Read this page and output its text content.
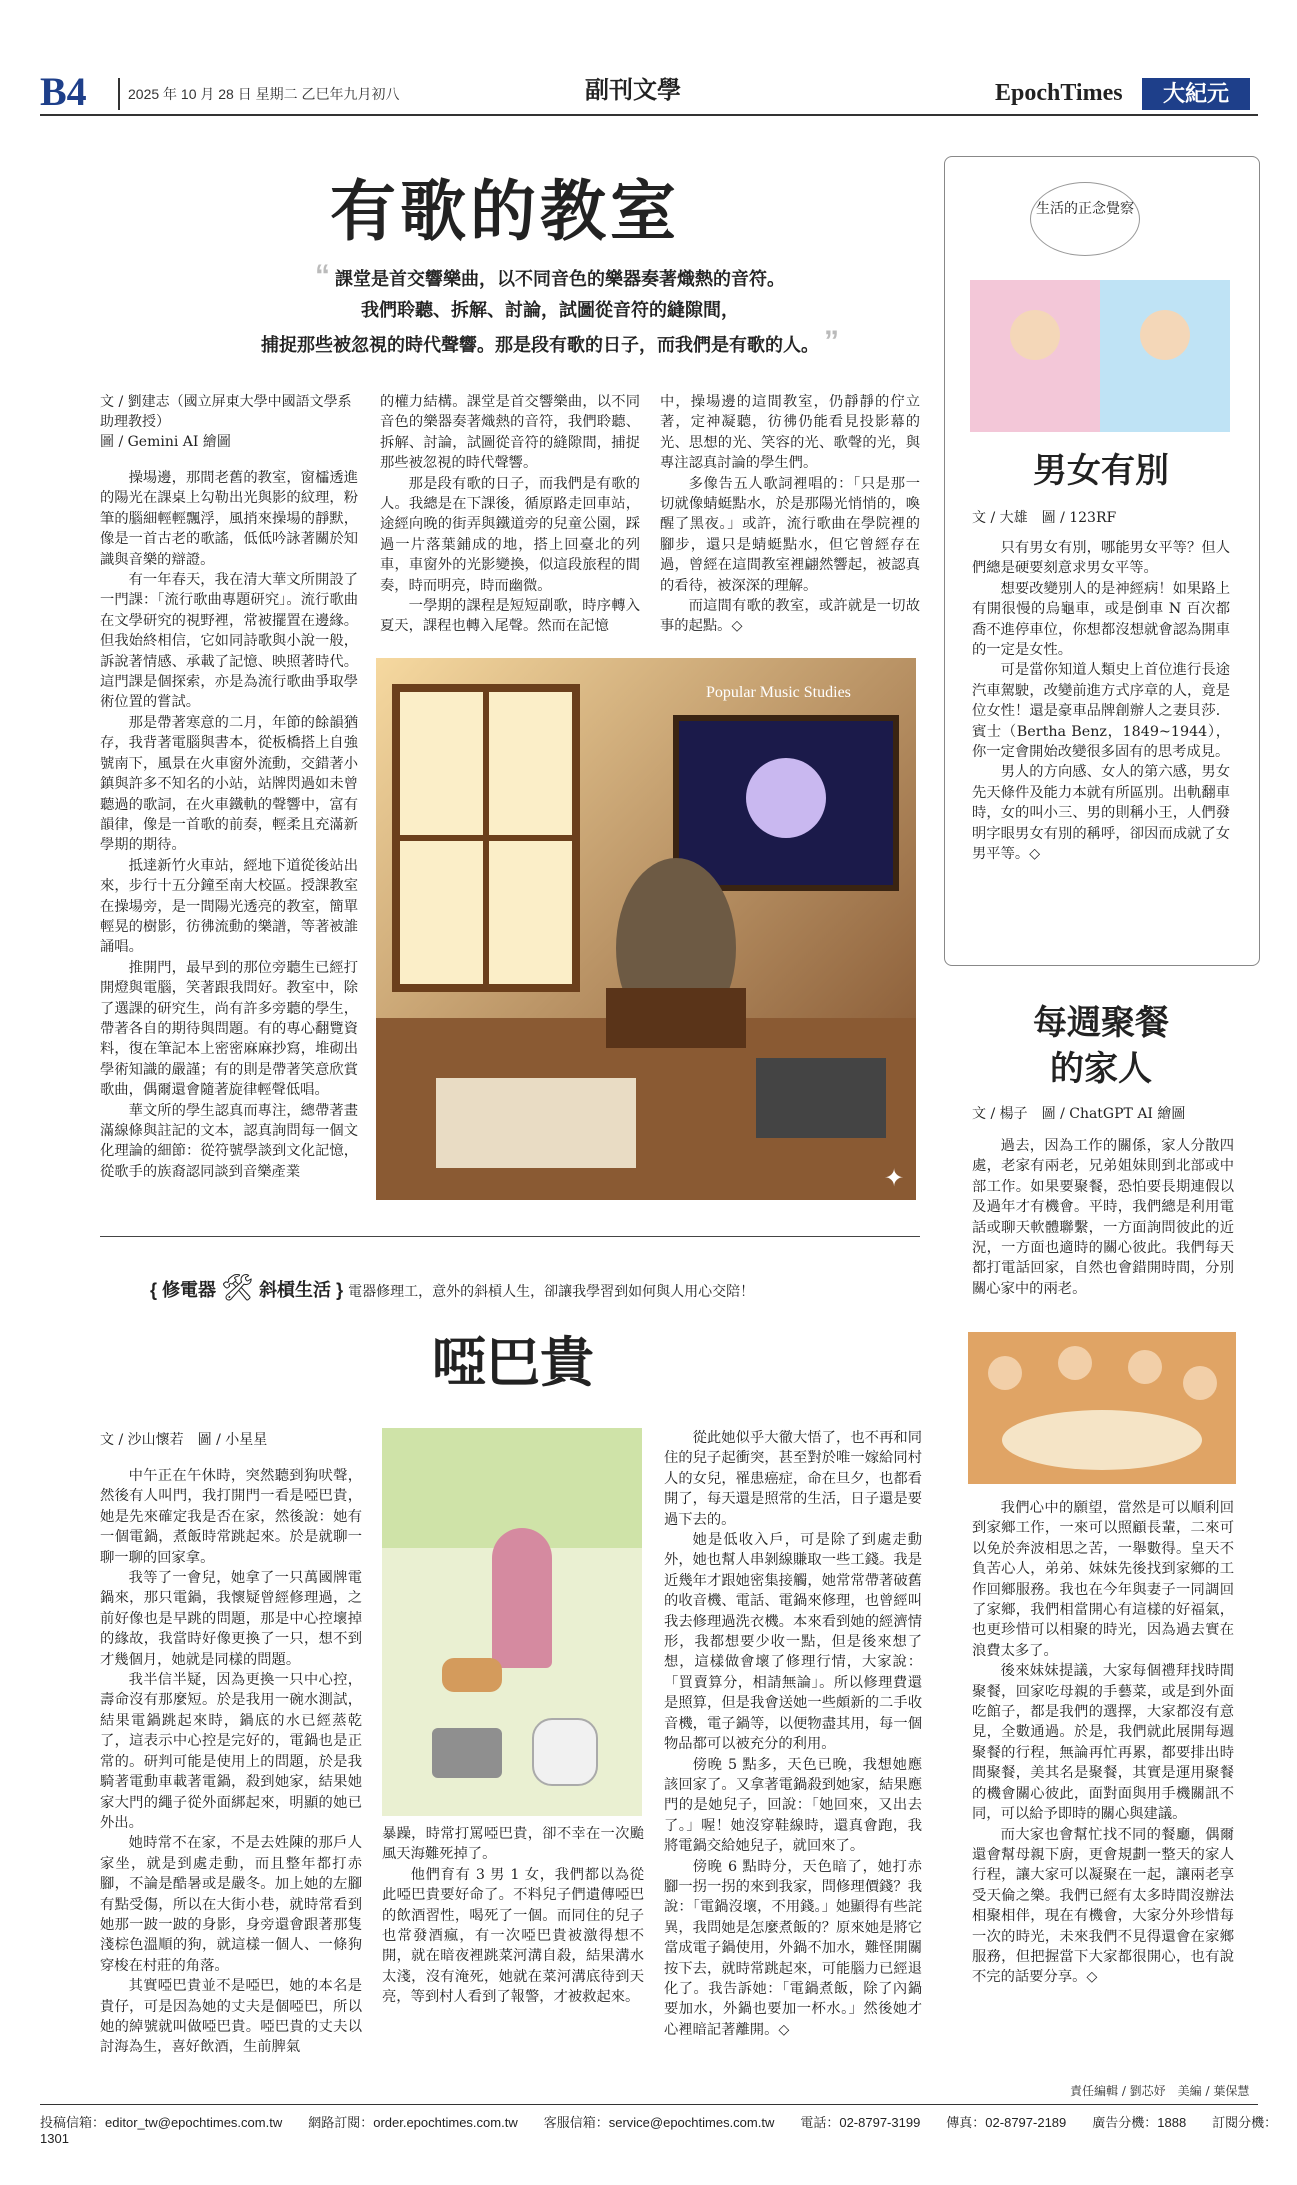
B4	2025 年 10 月 28 日 星期二 乙巳年九月初八	副刊文學	EpochTimes	大紀元
有歌的教室
“ 課堂是首交響樂曲，以不同音色的樂器奏著熾熱的音符。
我們聆聽、拆解、討論，試圖從音符的縫隙間，
捕捉那些被忽視的時代聲響。那是段有歌的日子，而我們是有歌的人。 ”
文 / 劉建志（國立屏東大學中國語文學系助理教授）
圖 / Gemini AI 繪圖

操場邊，那間老舊的教室，窗櫺透進的陽光在課桌上勾勒出光與影的紋理，粉筆的腦細輕輕飄浮，風捎來操場的靜默，像是一首古老的歌謠，低低吟詠著關於知識與音樂的辯證。

有一年春天，我在清大華文所開設了一門課：「流行歌曲專題研究」。流行歌曲在文學研究的視野裡，常被擺置在邊緣。但我始終相信，它如同詩歌與小說一般，訴說著情感、承載了記憶、映照著時代。這門課是個探索，亦是為流行歌曲爭取學術位置的嘗試。

那是帶著寒意的二月，年節的餘韻猶存，我背著電腦與書本，從板橋搭上自強號南下，風景在火車窗外流動，交錯著小鎮與許多不知名的小站，站牌閃過如未曾聽過的歌詞，在火車鐵軌的聲響中，富有韻律，像是一首歌的前奏，輕柔且充滿新學期的期待。

抵達新竹火車站，經地下道從後站出來，步行十五分鐘至南大校區。授課教室在操場旁，是一間陽光透亮的教室，簡單輕晃的樹影，彷彿流動的樂譜，等著被誰誦唱。

推開門，最早到的那位旁聽生已經打開燈與電腦，笑著跟我問好。教室中，除了選課的研究生，尚有許多旁聽的學生，帶著各自的期待與問題。有的專心翻覽資料，復在筆記本上密密麻麻抄寫，堆砌出學術知識的嚴謹；有的則是帶著笑意欣賞歌曲，偶爾還會隨著旋律輕聲低唱。

華文所的學生認真而專注，總帶著畫滿線條與註記的文本，認真詢問每一個文化理論的細節：從符號學談到文化記憶，從歌手的族裔認同談到音樂產業

的權力結構。課堂是首交響樂曲，以不同音色的樂器奏著熾熱的音符，我們聆聽、拆解、討論，試圖從音符的縫隙間，捕捉那些被忽視的時代聲響。

那是段有歌的日子，而我們是有歌的人。我總是在下課後，循原路走回車站，途經向晚的街弄與鐵道旁的兒童公園，踩過一片落葉鋪成的地，搭上回臺北的列車，車窗外的光影變換，似這段旅程的間奏，時而明亮，時而幽微。

一學期的課程是短短副歌，時序轉入夏天，課程也轉入尾聲。然而在記憶

中，操場邊的這間教室，仍靜靜的佇立著，定神凝聽，彷彿仍能看見投影幕的光、思想的光、笑容的光、歌聲的光，與專注認真討論的學生們。

多像告五人歌詞裡唱的：「只是那一切就像蜻蜓點水，於是那陽光悄悄的，喚醒了黑夜。」或許，流行歌曲在學院裡的腳步，還只是蜻蜓點水，但它曾經存在過，曾經在這間教室裡翩然響起，被認真的看待，被深深的理解。

而這間有歌的教室，或許就是一切故事的起點。◇

Popular Music Studies
✦
生活的正念覺察
男女有別
文 / 大雄　圖 / 123RF

只有男女有別，哪能男女平等？但人們總是硬要刻意求男女平等。

想要改變別人的是神經病！如果路上有開很慢的烏龜車，或是倒車 N 百次都喬不進停車位，你想都沒想就會認為開車的一定是女性。

可是當你知道人類史上首位進行長途汽車駕駛，改變前進方式序章的人，竟是位女性！還是豪車品牌創辦人之妻貝莎．賓士（Bertha Benz，1849~1944），你一定會開始改變很多固有的思考成見。

男人的方向感、女人的第六感，男女先天條件及能力本就有所區別。出軌翻車時，女的叫小三、男的則稱小王，人們發明字眼男女有別的稱呼，卻因而成就了女男平等。◇

每週聚餐
的家人
文 / 楊子　圖 / ChatGPT AI 繪圖

過去，因為工作的關係，家人分散四處，老家有兩老，兄弟姐妹則到北部或中部工作。如果要聚餐，恐怕要長期連假以及過年才有機會。平時，我們總是利用電話或聊天軟體聯繫，一方面詢問彼此的近況，一方面也適時的關心彼此。我們每天都打電話回家，自然也會錯開時間，分別關心家中的兩老。

我們心中的願望，當然是可以順利回到家鄉工作，一來可以照顧長輩，二來可以免於奔波相思之苦，一舉數得。皇天不負苦心人，弟弟、妹妹先後找到家鄉的工作回鄉服務。我也在今年與妻子一同調回了家鄉，我們相當開心有這樣的好福氣，也更珍惜可以相聚的時光，因為過去實在浪費太多了。

後來妹妹提議，大家每個禮拜找時間聚餐，回家吃母親的手藝菜，或是到外面吃館子，都是我們的選擇，大家都沒有意見，全數通過。於是，我們就此展開每週聚餐的行程，無論再忙再累，都要排出時間聚餐，美其名是聚餐，其實是運用聚餐的機會關心彼此，面對面與用手機關訊不同，可以給予即時的關心與建議。

而大家也會幫忙找不同的餐廳，偶爾還會幫母親下廚，更會規劃一整天的家人行程，讓大家可以凝聚在一起，讓兩老享受天倫之樂。我們已經有太多時間沒辦法相聚相伴，現在有機會，大家分外珍惜每一次的時光，未來我們不見得還會在家鄉服務，但把握當下大家都很開心，也有說不完的話要分享。◇

{ 修電器 🛠 斜槓生活 } 電器修理工，意外的斜槓人生，卻讓我學習到如何與人用心交陪！
啞巴貴
文 / 沙山懷若　圖 / 小星星

中午正在午休時，突然聽到狗吠聲，然後有人叫門，我打開門一看是啞巴貴，她是先來確定我是否在家，然後說：她有一個電鍋，煮飯時常跳起來。於是就聊一聊一聊的回家拿。

我等了一會兒，她拿了一只萬國牌電鍋來，那只電鍋，我懷疑曾經修理過，之前好像也是早跳的問題，那是中心控壞掉的緣故，我當時好像更換了一只，想不到才幾個月，她就是同樣的問題。

我半信半疑，因為更換一只中心控，壽命沒有那麼短。於是我用一碗水測試，結果電鍋跳起來時，鍋底的水已經蒸乾了，這表示中心控是完好的，電鍋也是正常的。研判可能是使用上的問題，於是我騎著電動車載著電鍋，殺到她家，結果她家大門的繩子從外面綁起來，明顯的她已外出。

她時常不在家，不是去姓陳的那戶人家坐，就是到處走動，而且整年都打赤腳，不論是酷暑或是嚴冬。加上她的左腳有點受傷，所以在大街小巷，就時常看到她那一跛一跛的身影，身旁還會跟著那隻淺棕色溫順的狗，就這樣一個人、一條狗穿梭在村莊的角落。

其實啞巴貴並不是啞巴，她的本名是貴仔，可是因為她的丈夫是個啞巴，所以她的綽號就叫做啞巴貴。啞巴貴的丈夫以討海為生，喜好飲酒，生前脾氣

暴躁，時常打罵啞巴貴，卻不幸在一次颱風天海難死掉了。

他們育有 3 男 1 女，我們都以為從此啞巴貴要好命了。不料兒子們遺傳啞巴的飲酒習性，喝死了一個。而同住的兒子也常發酒瘋，有一次啞巴貴被激得想不開，就在暗夜裡跳菜河溝自殺，結果溝水太淺，沒有淹死，她就在菜河溝底待到天亮，等到村人看到了報警，才被救起來。

從此她似乎大徹大悟了，也不再和同住的兒子起衝突，甚至對於唯一嫁給同村人的女兒，罹患癌症，命在旦夕，也都看開了，每天還是照常的生活，日子還是要過下去的。

她是低收入戶，可是除了到處走動外，她也幫人串剝線賺取一些工錢。我是近幾年才跟她密集接觸，她常常帶著破舊的收音機、電話、電鍋來修理，也曾經叫我去修理過洗衣機。本來看到她的經濟情形，我都想要少收一點，但是後來想了想，這樣做會壞了修理行情，大家說：「買賣算分，相請無論」。所以修理費還是照算，但是我會送她一些頗新的二手收音機，電子鍋等，以便物盡其用，每一個物品都可以被充分的利用。

傍晚 5 點多，天色已晚，我想她應該回家了。又拿著電鍋殺到她家，結果應門的是她兒子，回說：「她回來，又出去了。」喔！她沒穿鞋線時，還真會跑，我將電鍋交給她兒子，就回來了。

傍晚 6 點時分，天色暗了，她打赤腳一拐一拐的來到我家，問修理價錢？我說：「電鍋沒壞，不用錢。」她顯得有些詫異，我問她是怎麼煮飯的？原來她是將它當成電子鍋使用，外鍋不加水，難怪開關按下去，就時常跳起來，可能腦力已經退化了。我告訴她：「電鍋煮飯，除了內鍋要加水，外鍋也要加一杯水。」然後她才心裡暗記著離開。◇

責任編輯 / 劉芯妤　美編 / 葉保慧
投稿信箱：editor_tw@epochtimes.com.tw　　網路訂閱：order.epochtimes.com.tw　　客服信箱：service@epochtimes.com.tw　　電話：02-8797-3199　　傳真：02-8797-2189　　廣告分機：1888　　訂閱分機：1301
